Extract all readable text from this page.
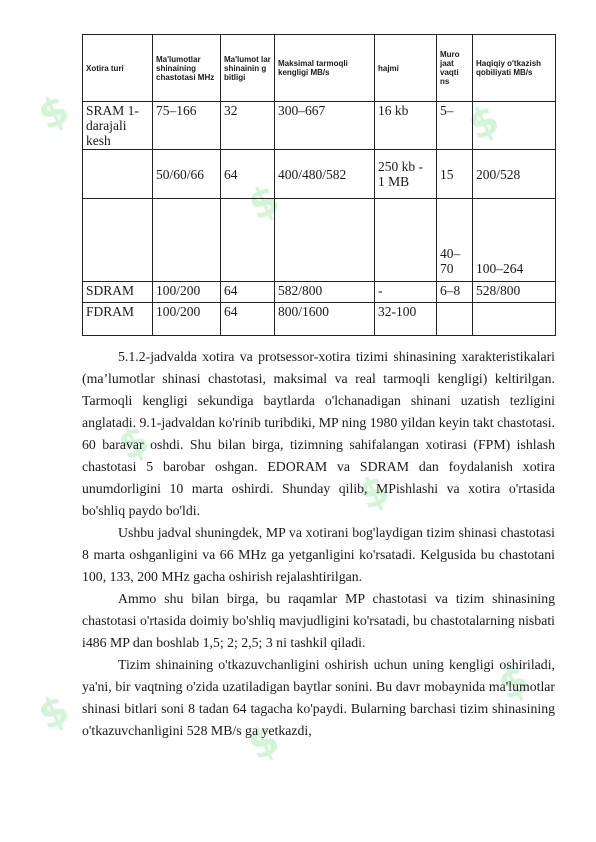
$
$
$
$
$
$
$
$
Xotira turi	Ma'lumotlar shinaining chastotasi MHz	Ma'lumot lar shinainin g bitligi	Maksimal tarmoqli kengligi MB/s	hajmi	Muro jaat vaqti ns	Haqiqiy o'tkazish qobiliyati MB/s
SRAM 1-darajali kesh	75–166	32	300–667	16 kb	5–	
	50/60/66	64	400/480/582	250 kb - 1 MB	15	200/528
					40–70	100–264
SDRAM	100/200	64	582/800	-	6–8	528/800
FDRAM	100/200	64	800/1600	32-100		

5.1.2-jadvalda xotira va protsessor-xotira tizimi shinasining xarakteristikalari (ma’lumotlar shinasi chastotasi, maksimal va real tarmoqli kengligi) keltirilgan. Tarmoqli kengligi sekundiga baytlarda o'lchanadigan shinani uzatish tezligini anglatadi. 9.1-jadvaldan ko'rinib turibdiki, MP ning 1980 yildan keyin takt chastotasi. 60 baravar oshdi. Shu bilan birga, tizimning sahifalangan xotirasi (FPM) ishlash chastotasi 5 barobar oshgan. EDORAM va SDRAM dan foydalanish xotira unumdorligini 10 marta oshirdi. Shunday qilib, MPishlashi va xotira o'rtasida bo'shliq paydo bo'ldi.

Ushbu jadval shuningdek, MP va xotirani bog'laydigan tizim shinasi chastotasi 8 marta oshganligini va 66 MHz ga yetganligini ko'rsatadi. Kelgusida bu chastotani 100, 133, 200 MHz gacha oshirish rejalashtirilgan.

Ammo shu bilan birga, bu raqamlar MP chastotasi va tizim shinasining chastotasi o'rtasida doimiy bo'shliq mavjudligini ko'rsatadi, bu chastotalarning nisbati i486 MP dan boshlab 1,5; 2; 2,5; 3 ni tashkil qiladi.

Tizim shinaining o'tkazuvchanligini oshirish uchun uning kengligi oshiriladi, ya'ni, bir vaqtning o'zida uzatiladigan baytlar sonini. Bu davr mobaynida ma'lumotlar shinasi bitlari soni 8 tadan 64 tagacha ko'paydi. Bularning barchasi tizim shinasining o'tkazuvchanligini 528 MB/s ga yetkazdi,
